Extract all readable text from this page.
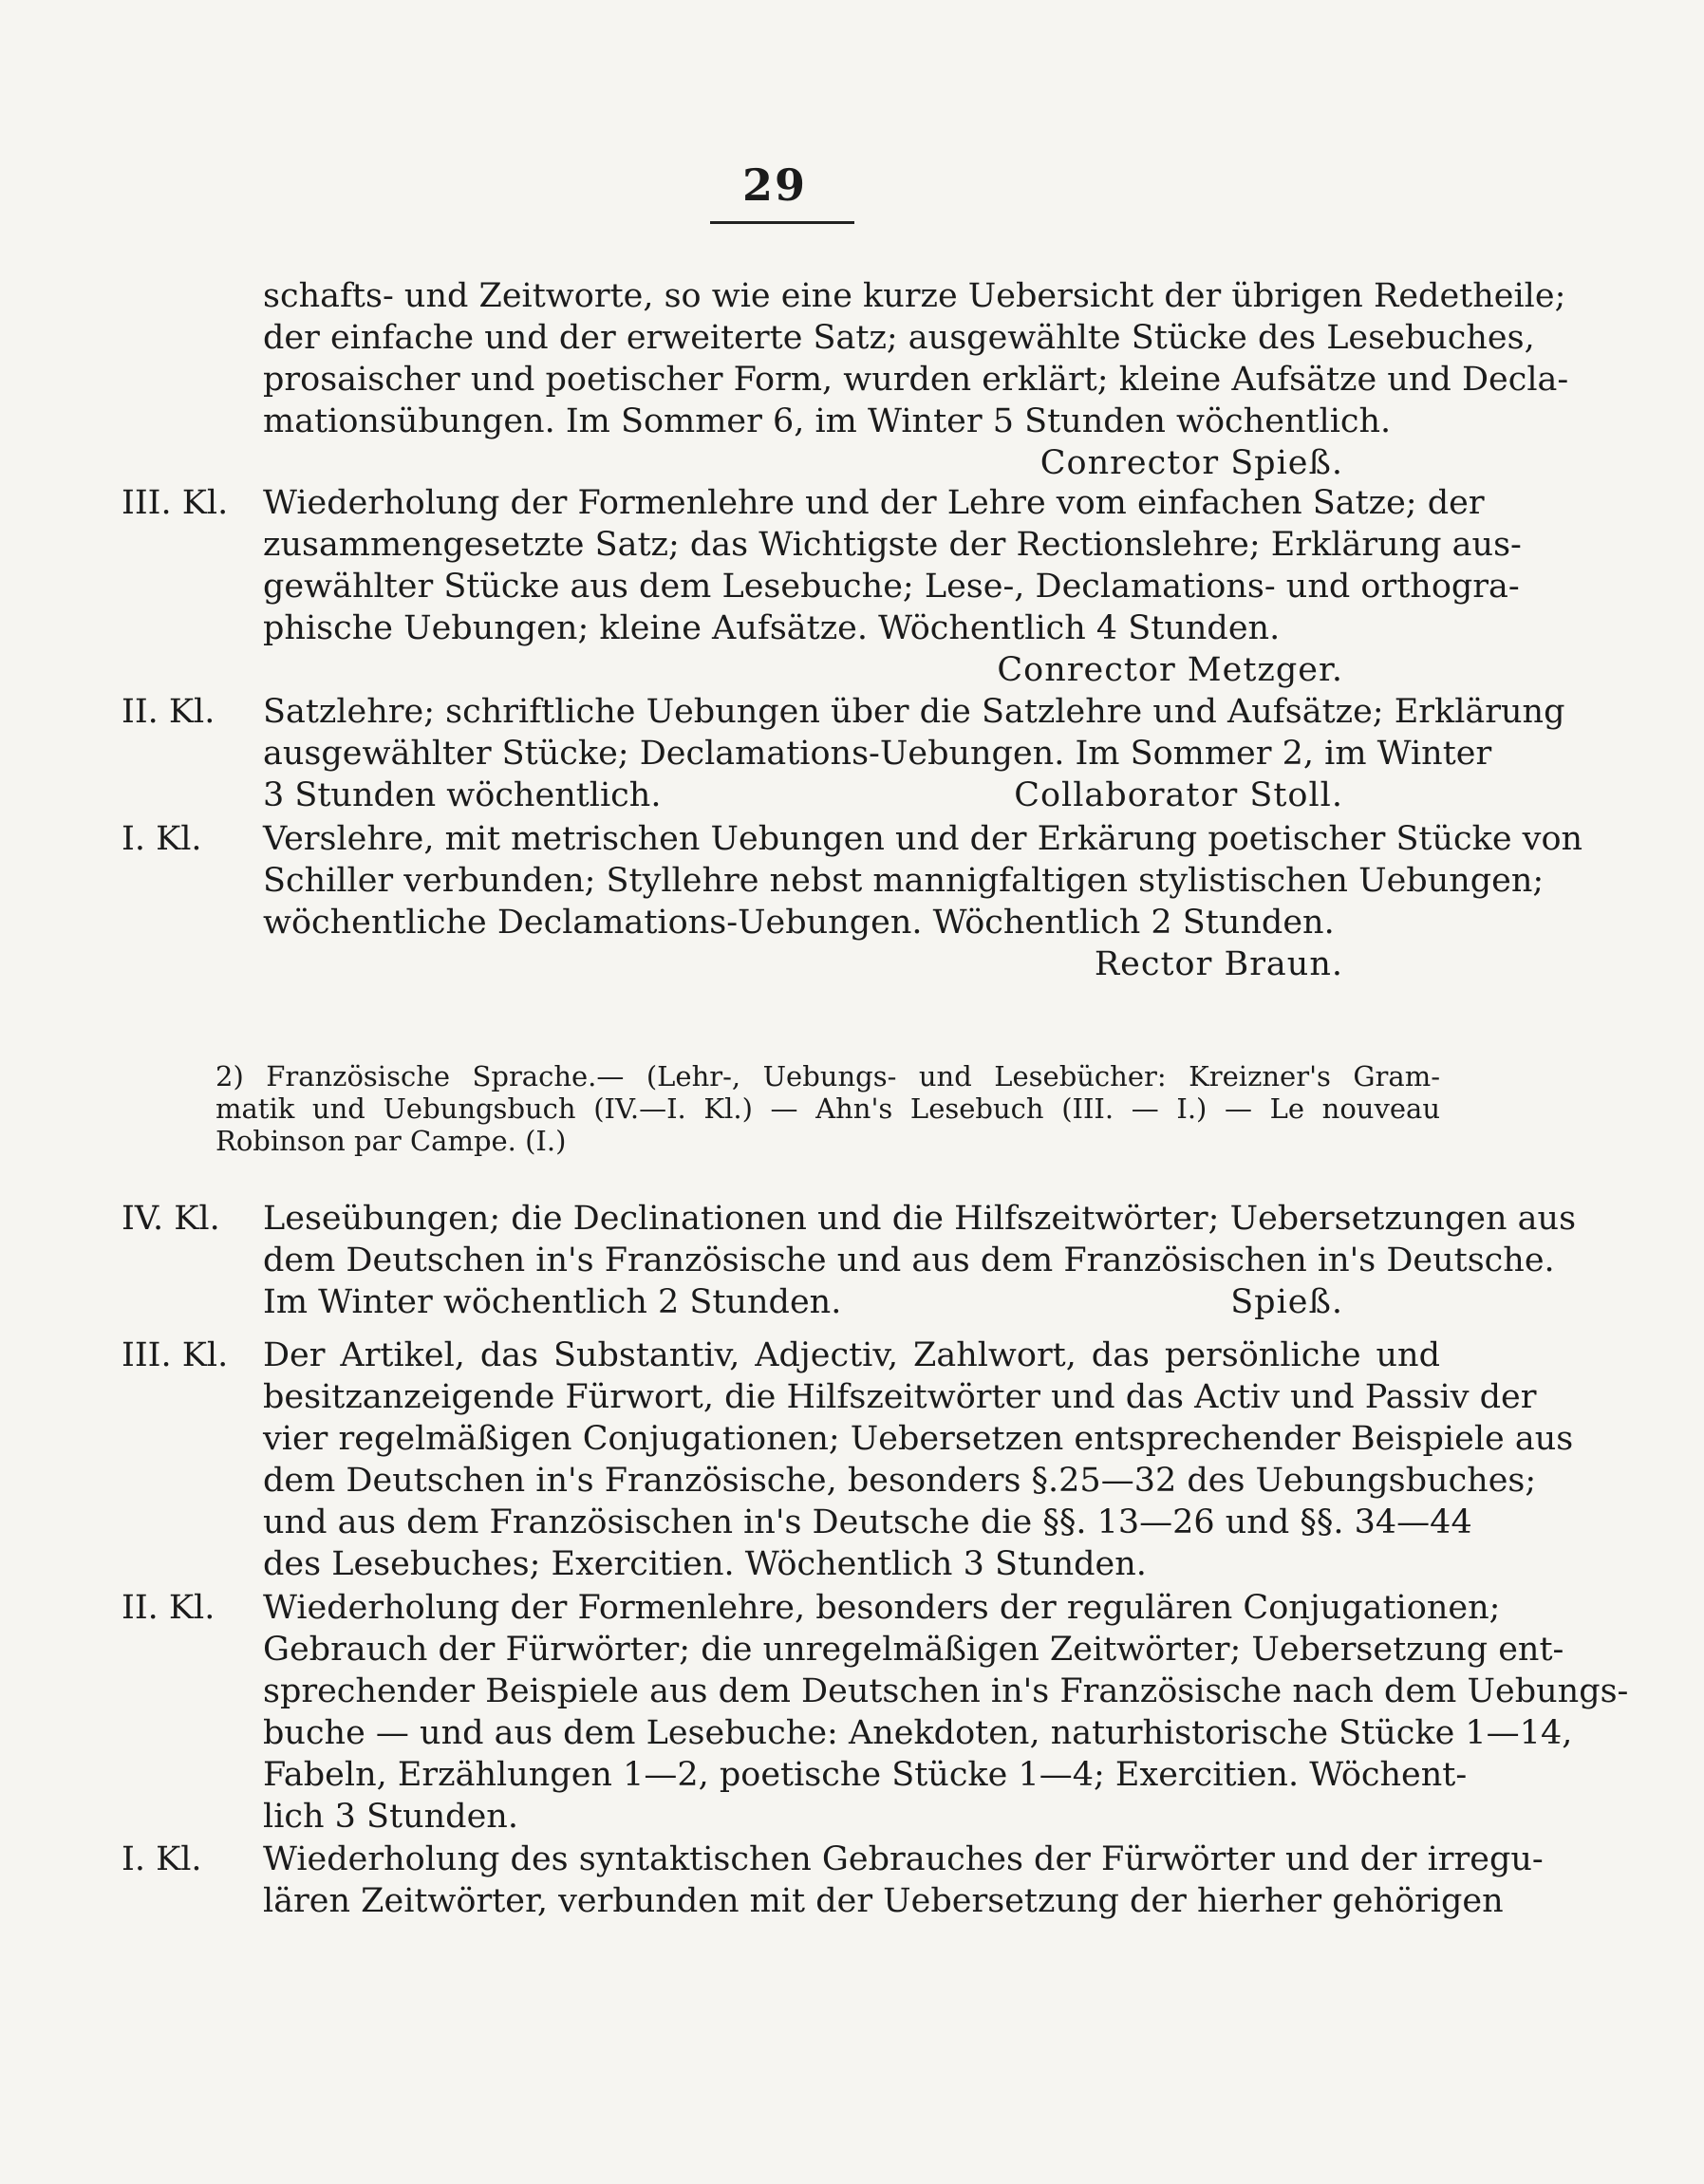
29
schafts- und Zeitworte, so wie eine kurze Uebersicht der übrigen Redetheile;
der einfache und der erweiterte Satz; ausgewählte Stücke des Lesebuches,
prosaischer und poetischer Form, wurden erklärt; kleine Aufsätze und Decla-
mationsübungen. Im Sommer 6, im Winter 5 Stunden wöchentlich.
Conrector Spieß.
III. Kl. Wiederholung der Formenlehre und der Lehre vom einfachen Satze; der
zusammengesetzte Satz; das Wichtigste der Rectionslehre; Erklärung aus-
gewählter Stücke aus dem Lesebuche; Lese-, Declamations- und orthogra-
phische Uebungen; kleine Aufsätze. Wöchentlich 4 Stunden.
Conrector Metzger.
II. Kl. Satzlehre; schriftliche Uebungen über die Satzlehre und Aufsätze; Erklärung
ausgewählter Stücke; Declamations-Uebungen. Im Sommer 2, im Winter
3 Stunden wöchentlich.	Collaborator Stoll.
I. Kl. Verslehre, mit metrischen Uebungen und der Erkärung poetischer Stücke von
Schiller verbunden; Styllehre nebst mannigfaltigen stylistischen Uebungen;
wöchentliche Declamations-Uebungen. Wöchentlich 2 Stunden.
Rector Braun.
2) Französische Sprache.— (Lehr-, Uebungs- und Lesebücher: Kreizner's Gram-
matik und Uebungsbuch (IV.—I. Kl.) — Ahn's Lesebuch (III. — I.) — Le nouveau
Robinson par Campe. (I.)
IV. Kl. Leseübungen; die Declinationen und die Hilfszeitwörter; Uebersetzungen aus
dem Deutschen in's Französische und aus dem Französischen in's Deutsche.
Im Winter wöchentlich 2 Stunden.	Spieß.
III. Kl. Der Artikel, das Substantiv, Adjectiv, Zahlwort, das persönliche und
besitzanzeigende Fürwort, die Hilfszeitwörter und das Activ und Passiv der
vier regelmäßigen Conjugationen; Uebersetzen entsprechender Beispiele aus
dem Deutschen in's Französische, besonders §.25—32 des Uebungsbuches;
und aus dem Französischen in's Deutsche die §§. 13—26 und §§. 34—44
des Lesebuches; Exercitien. Wöchentlich 3 Stunden.
II. Kl. Wiederholung der Formenlehre, besonders der regulären Conjugationen;
Gebrauch der Fürwörter; die unregelmäßigen Zeitwörter; Uebersetzung ent-
sprechender Beispiele aus dem Deutschen in's Französische nach dem Uebungs-
buche — und aus dem Lesebuche: Anekdoten, naturhistorische Stücke 1—14,
Fabeln, Erzählungen 1—2, poetische Stücke 1—4; Exercitien. Wöchent-
lich 3 Stunden.
I. Kl. Wiederholung des syntaktischen Gebrauches der Fürwörter und der irregu-
lären Zeitwörter, verbunden mit der Uebersetzung der hierher gehörigen
